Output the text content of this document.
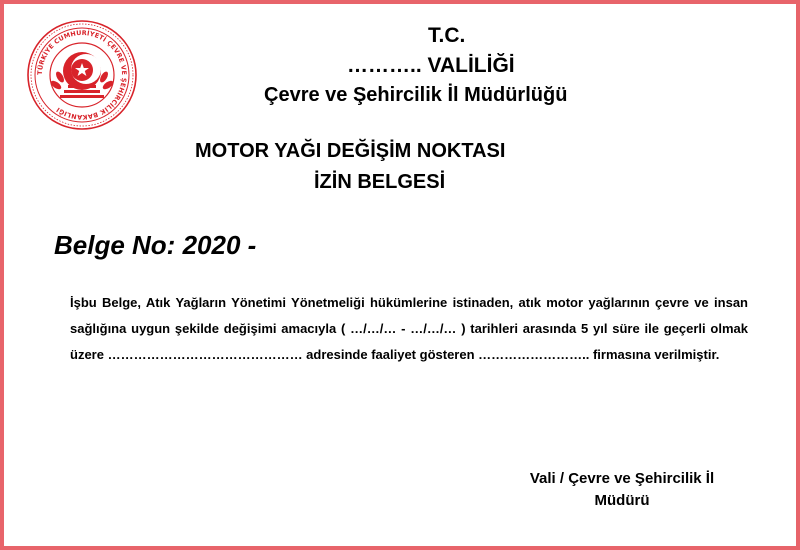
TÜRKİYE CUMHURİYETİ ÇEVRE VE ŞEHİRCİLİK BAKANLIĞI
T.C.
……….. VALİLİĞİ
Çevre ve Şehircilik İl Müdürlüğü
MOTOR YAĞI DEĞİŞİM NOKTASI
İZİN BELGESİ
Belge No: 2020 -
İşbu Belge, Atık Yağların Yönetimi Yönetmeliği hükümlerine istinaden, atık motor yağlarının çevre ve insan sağlığına uygun şekilde değişimi amacıyla ( …/…/… - …/…/… ) tarihleri arasında 5 yıl süre ile geçerli olmak üzere ……………………………………… adresinde faaliyet gösteren …………………….. firmasına verilmiştir.
Vali / Çevre ve Şehircilik İl
Müdürü
